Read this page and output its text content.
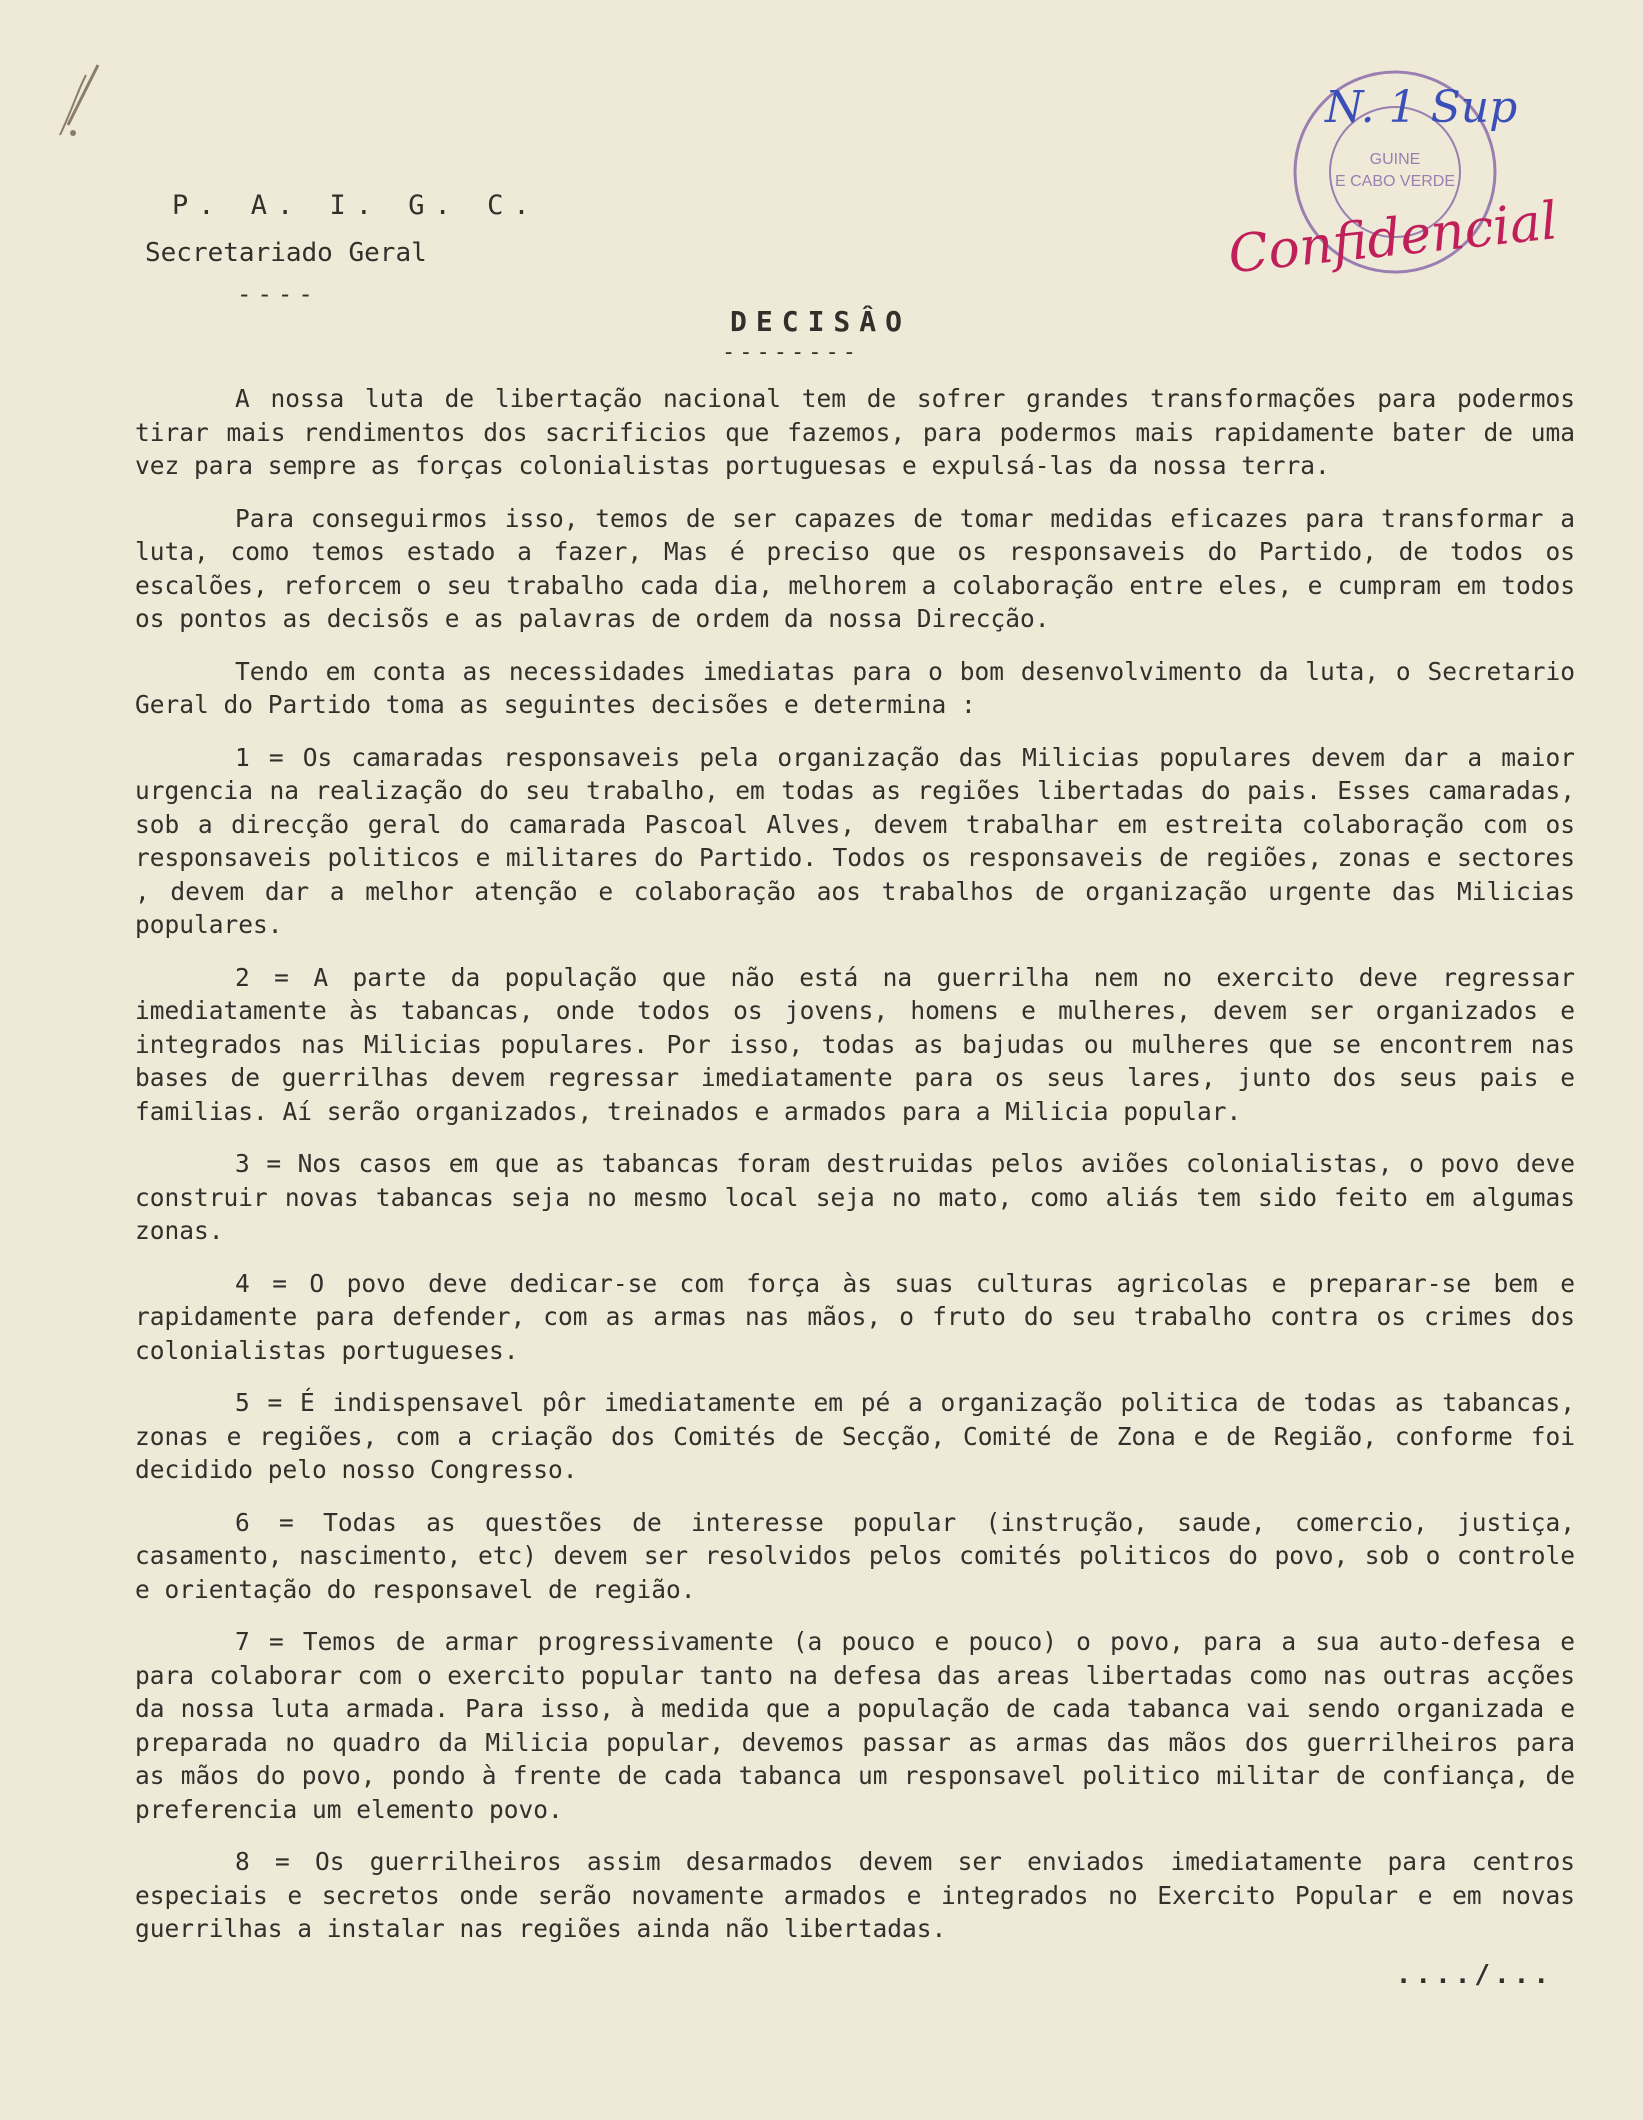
P. A. I. G. C.
Secretariado Geral
----
DECISÂO
--------
GUINE
E CABO VERDE
N. 1 Sup
Confidencial

A nossa luta de libertação nacional tem de sofrer grandes transformações para podermos tirar mais rendimentos dos sacrificios que fazemos, para podermos mais rapidamente bater de uma vez para sempre as forças colonialistas portuguesas e expulsá-las da nossa terra.

Para conseguirmos isso, temos de ser capazes de tomar medidas eficazes para transformar a luta, como temos estado a fazer, Mas é preciso que os responsaveis do Partido, de todos os escalões, reforcem o seu trabalho cada dia, melhorem a colaboração entre eles, e cumpram em todos os pontos as decisõs e as palavras de ordem da nossa Direcção.

Tendo em conta as necessidades imediatas para o bom desenvolvimento da luta, o Secretario Geral do Partido toma as seguintes decisões e determina :

1 = Os camaradas responsaveis pela organização das Milicias populares devem dar a maior urgencia na realização do seu trabalho, em todas as regiões libertadas do pais. Esses camaradas, sob a direcção geral do camarada Pascoal Alves, devem trabalhar em estreita colaboração com os responsaveis politicos e militares do Partido. Todos os responsaveis de regiões, zonas e sectores , devem dar a melhor atenção e colaboração aos trabalhos de organização urgente das Milicias populares.

2 = A parte da população que não está na guerrilha nem no exercito deve regressar imediatamente às tabancas, onde todos os jovens, homens e mulheres, devem ser organizados e integrados nas Milicias populares. Por isso, todas as bajudas ou mulheres que se encontrem nas bases de guerrilhas devem regressar imediatamente para os seus lares, junto dos seus pais e familias. Aí serão organizados, treinados e armados para a Milicia popular.

3 = Nos casos em que as tabancas foram destruidas pelos aviões colonialistas, o povo deve construir novas tabancas seja no mesmo local seja no mato, como aliás tem sido feito em algumas zonas.

4 = O povo deve dedicar-se com força às suas culturas agricolas e preparar-se bem e rapidamente para defender, com as armas nas mãos, o fruto do seu trabalho contra os crimes dos colonialistas portugueses.

5 = É indispensavel pôr imediatamente em pé a organização politica de todas as tabancas, zonas e regiões, com a criação dos Comités de Secção, Comité de Zona e de Região, conforme foi decidido pelo nosso Congresso.

6 = Todas as questões de interesse popular (instrução, saude, comercio, justiça, casamento, nascimento, etc) devem ser resolvidos pelos comités politicos do povo, sob o controle e orientação do responsavel de região.

7 = Temos de armar progressivamente (a pouco e pouco) o povo, para a sua auto-defesa e para colaborar com o exercito popular tanto na defesa das areas libertadas como nas outras acções da nossa luta armada. Para isso, à medida que a população de cada tabanca vai sendo organizada e preparada no quadro da Milicia popular, devemos passar as armas das mãos dos guerrilheiros para as mãos do povo, pondo à frente de cada tabanca um responsavel politico militar de confiança, de preferencia um elemento povo.

8 = Os guerrilheiros assim desarmados devem ser enviados imediatamente para centros especiais e secretos onde serão novamente armados e integrados no Exercito Popular e em novas guerrilhas a instalar nas regiões ainda não libertadas.

..../...
